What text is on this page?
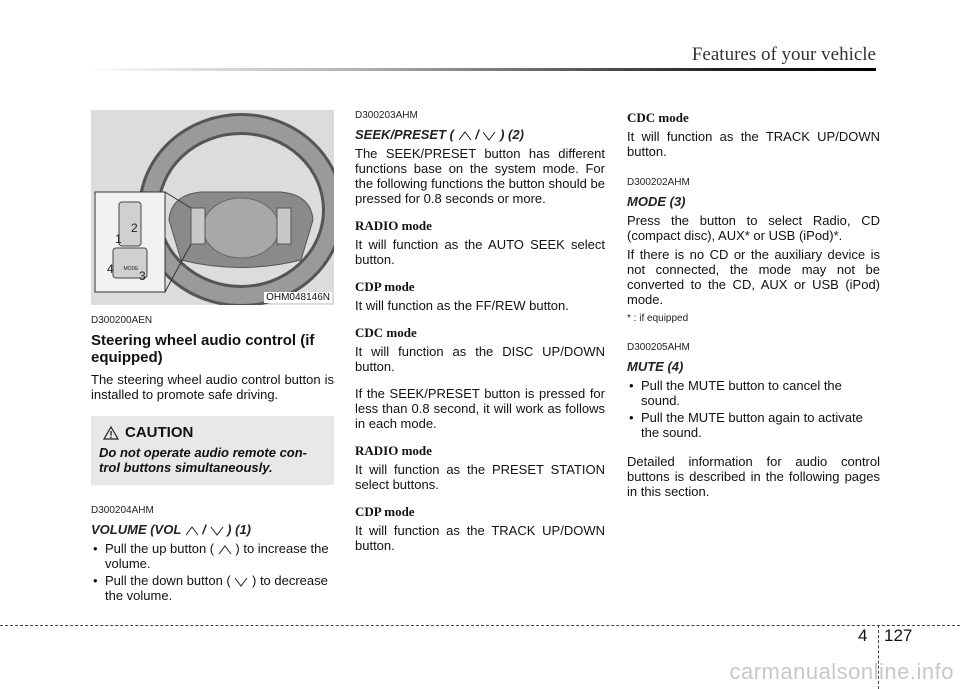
Features of your vehicle
MODE
1
2
3
4
OHM048146N

D300200AEN

Steering wheel audio control (if equipped)

The steering wheel audio control button is installed to promote safe driving.

CAUTION

Do not operate audio remote con- trol buttons simultaneously.

D300204AHM

VOLUME (VOL / ) (1)

• Pull the up button ( ) to increase the volume.

• Pull the down button ( ) to decrease the volume.

D300203AHM

SEEK/PRESET ( / ) (2)

The SEEK/PRESET button has different functions base on the system mode. For the following functions the button should be pressed for 0.8 seconds or more.

RADIO mode

It will function as the AUTO SEEK select button.

CDP mode

It will function as the FF/REW button.

CDC mode

It will function as the DISC UP/DOWN button.

If the SEEK/PRESET button is pressed for less than 0.8 second, it will work as follows in each mode.

RADIO mode

It will function as the PRESET STATION select buttons.

CDP mode

It will function as the TRACK UP/DOWN button.

CDC mode

It will function as the TRACK UP/DOWN button.

D300202AHM

MODE (3)

Press the button to select Radio, CD (compact disc), AUX* or USB (iPod)*.

If there is no CD or the auxiliary device is not connected, the mode may not be converted to the CD, AUX or USB (iPod) mode.

* : if equipped

D300205AHM

MUTE (4)

• Pull the MUTE button to cancel the sound.

• Pull the MUTE button again to activate the sound.

Detailed information for audio control buttons is described in the following pages in this section.

4 127
carmanualsonline.info
